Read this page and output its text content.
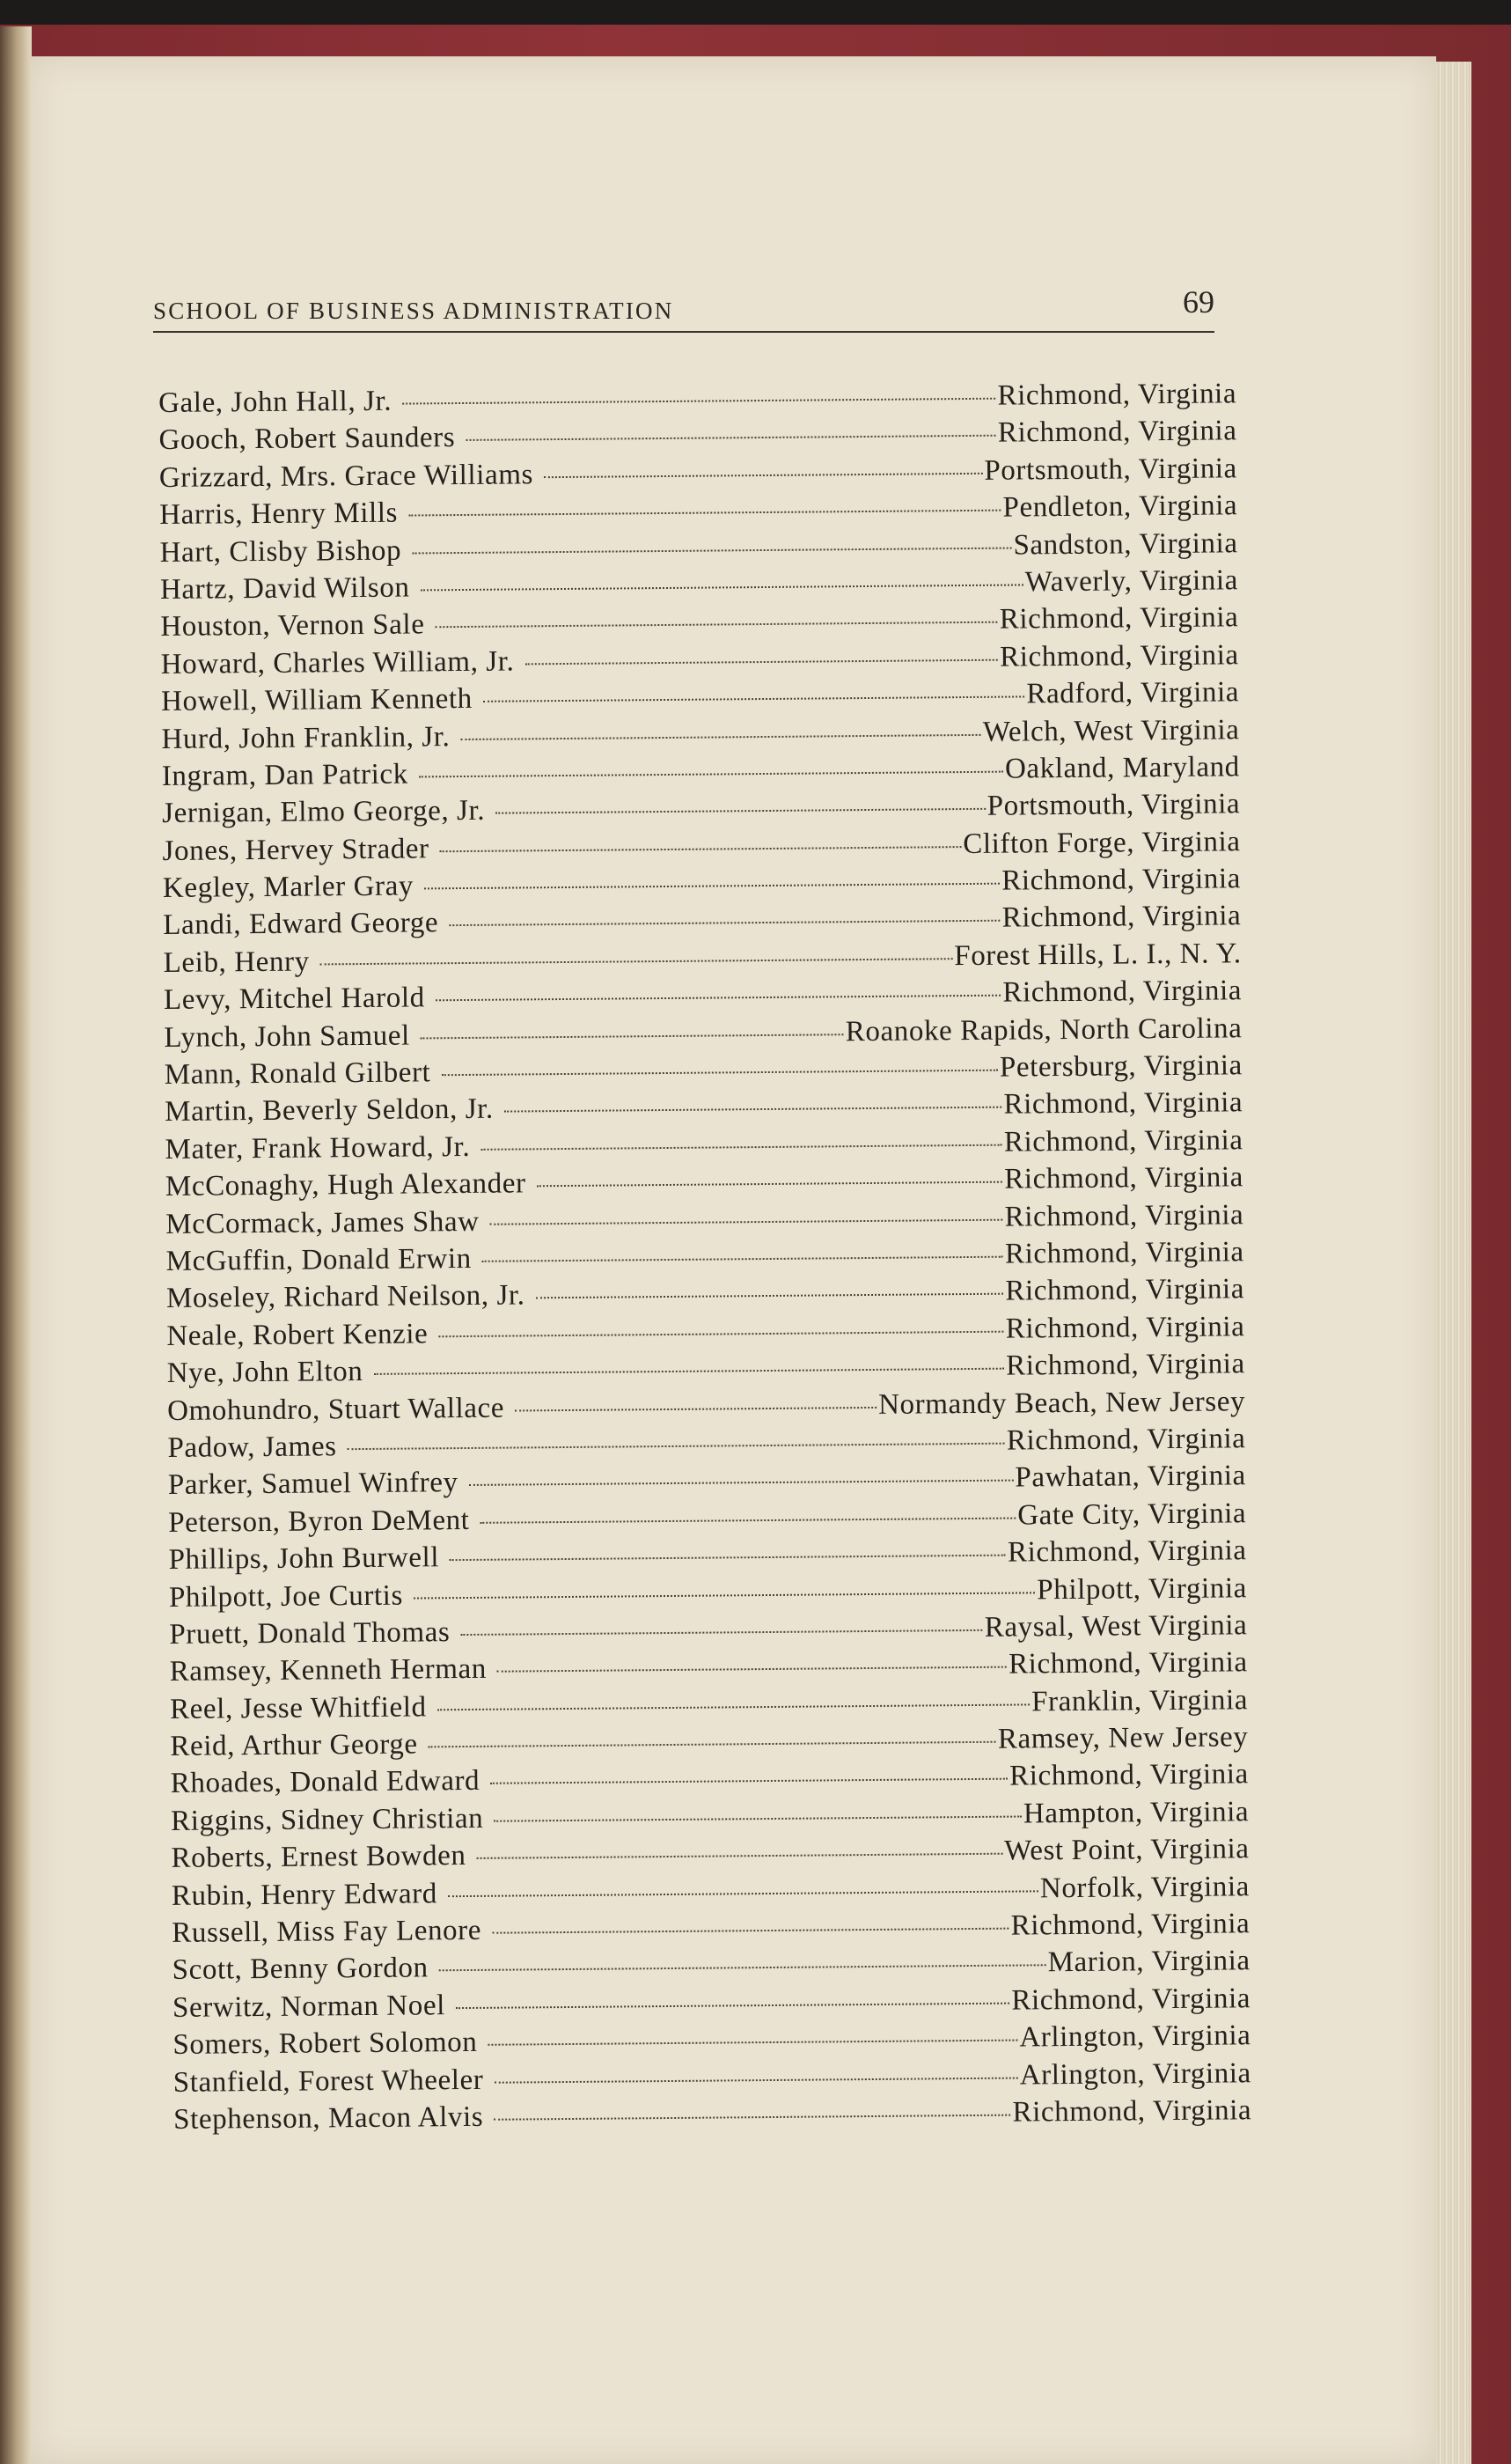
SCHOOL OF BUSINESS ADMINISTRATION	69
Gale, John Hall, Jr.	Richmond, Virginia
Gooch, Robert Saunders	Richmond, Virginia
Grizzard, Mrs. Grace Williams	Portsmouth, Virginia
Harris, Henry Mills	Pendleton, Virginia
Hart, Clisby Bishop	Sandston, Virginia
Hartz, David Wilson	Waverly, Virginia
Houston, Vernon Sale	Richmond, Virginia
Howard, Charles William, Jr.	Richmond, Virginia
Howell, William Kenneth	Radford, Virginia
Hurd, John Franklin, Jr.	Welch, West Virginia
Ingram, Dan Patrick	Oakland, Maryland
Jernigan, Elmo George, Jr.	Portsmouth, Virginia
Jones, Hervey Strader	Clifton Forge, Virginia
Kegley, Marler Gray	Richmond, Virginia
Landi, Edward George	Richmond, Virginia
Leib, Henry	Forest Hills, L. I., N. Y.
Levy, Mitchel Harold	Richmond, Virginia
Lynch, John Samuel	Roanoke Rapids, North Carolina
Mann, Ronald Gilbert	Petersburg, Virginia
Martin, Beverly Seldon, Jr.	Richmond, Virginia
Mater, Frank Howard, Jr.	Richmond, Virginia
McConaghy, Hugh Alexander	Richmond, Virginia
McCormack, James Shaw	Richmond, Virginia
McGuffin, Donald Erwin	Richmond, Virginia
Moseley, Richard Neilson, Jr.	Richmond, Virginia
Neale, Robert Kenzie	Richmond, Virginia
Nye, John Elton	Richmond, Virginia
Omohundro, Stuart Wallace	Normandy Beach, New Jersey
Padow, James	Richmond, Virginia
Parker, Samuel Winfrey	Pawhatan, Virginia
Peterson, Byron DeMent	Gate City, Virginia
Phillips, John Burwell	Richmond, Virginia
Philpott, Joe Curtis	Philpott, Virginia
Pruett, Donald Thomas	Raysal, West Virginia
Ramsey, Kenneth Herman	Richmond, Virginia
Reel, Jesse Whitfield	Franklin, Virginia
Reid, Arthur George	Ramsey, New Jersey
Rhoades, Donald Edward	Richmond, Virginia
Riggins, Sidney Christian	Hampton, Virginia
Roberts, Ernest Bowden	West Point, Virginia
Rubin, Henry Edward	Norfolk, Virginia
Russell, Miss Fay Lenore	Richmond, Virginia
Scott, Benny Gordon	Marion, Virginia
Serwitz, Norman Noel	Richmond, Virginia
Somers, Robert Solomon	Arlington, Virginia
Stanfield, Forest Wheeler	Arlington, Virginia
Stephenson, Macon Alvis	Richmond, Virginia
